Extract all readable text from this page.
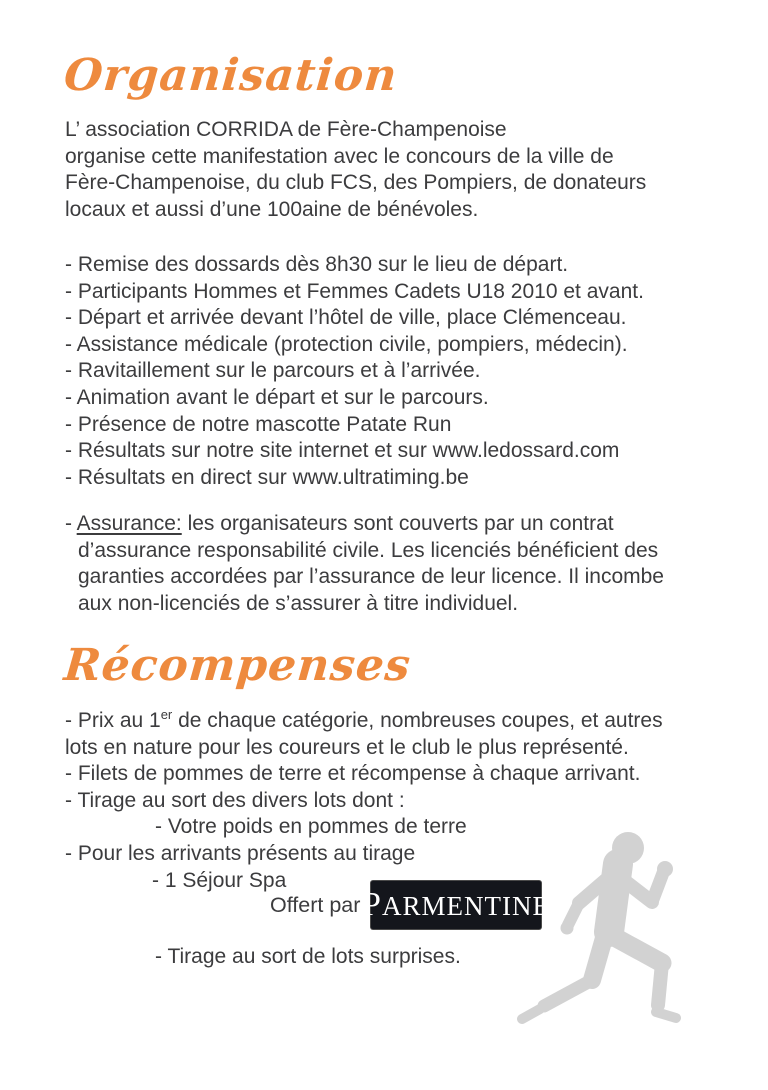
Organisation
L’ association CORRIDA de Fère-Champenoise
organise cette manifestation avec le concours de la ville de
Fère-Champenoise, du club FCS, des Pompiers, de donateurs
locaux et aussi d’une 100aine de bénévoles.
- Remise des dossards dès 8h30 sur le lieu de départ.
- Participants Hommes et Femmes Cadets U18 2010 et avant.
- Départ et arrivée devant l’hôtel de ville, place Clémenceau.
- Assistance médicale (protection civile, pompiers, médecin).
- Ravitaillement sur le parcours et à l’arrivée.
- Animation avant le départ et sur le parcours.
- Présence de notre mascotte Patate Run
- Résultats sur notre site internet et sur www.ledossard.com
- Résultats en direct sur www.ultratiming.be
- Assurance: les organisateurs sont couverts par un contrat
d’assurance responsabilité civile. Les licenciés bénéficient des
garanties accordées par l’assurance de leur licence. Il incombe
aux non-licenciés de s’assurer à titre individuel.
Récompenses
- Prix au 1er de chaque catégorie, nombreuses coupes, et autres
lots en nature pour les coureurs et le club le plus représenté.
- Filets de pommes de terre et récompense à chaque arrivant.
- Tirage au sort des divers lots dont :
- Votre poids en pommes de terre
- Pour les arrivants présents au tirage
- 1 Séjour Spa
Offert par PARMENTINE
- Tirage au sort de lots surprises.
